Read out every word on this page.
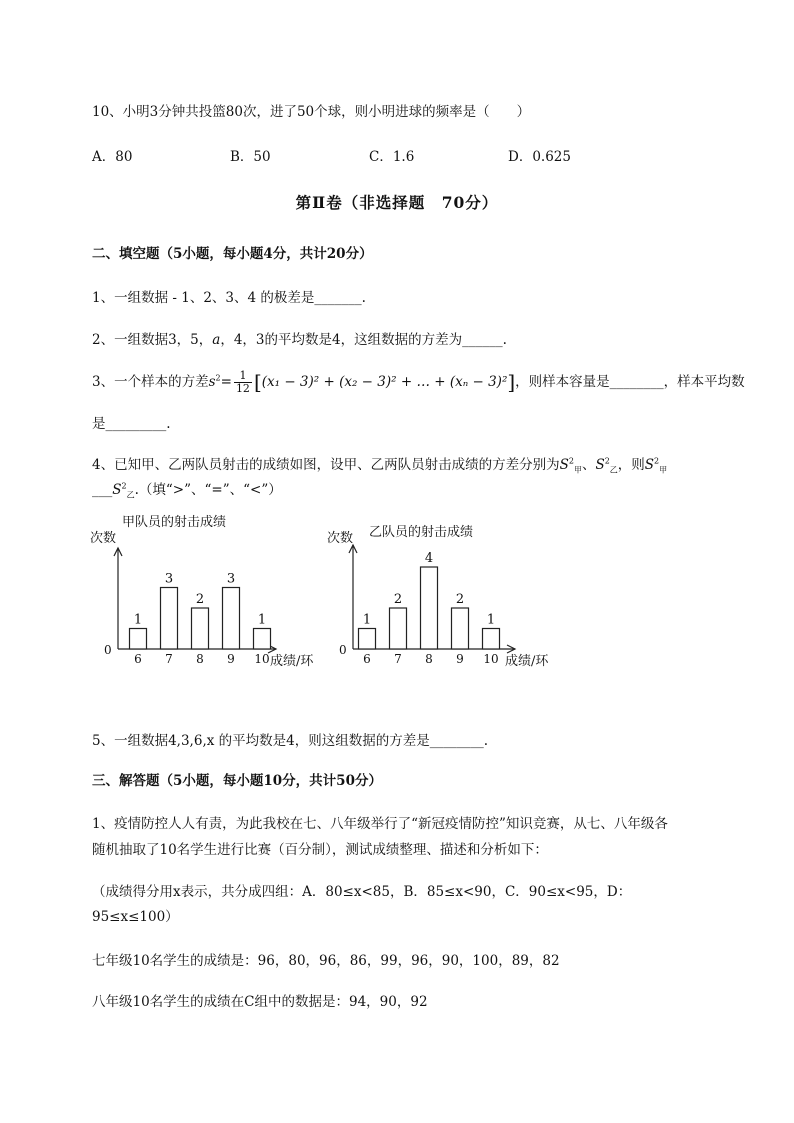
10、小明3分钟共投篮80次，进了50个球，则小明进球的频率是（　　）
A．80	B．50	C．1.6	D．0.625
第Ⅱ卷（非选择题　70分）
二、填空题（5小题，每小题4分，共计20分）
1、一组数据 - 1、2、3、4 的极差是_______.
2、一组数据3，5，a，4，3的平均数是4，这组数据的方差为______.
3、一个样本的方差$s^2= \frac{1}{12} [(x_1 - 3)^2 + (x_2 - 3)^2$ + … + (xₙ − 3)²]，则样本容量是________，样本平均数
是_________.
4、已知甲、乙两队员射击的成绩如图，设甲、乙两队员射击成绩的方差分别为$S^2_甲$、$S^2_乙$，则$S^2_甲$
$\_\_\_S^2_乙$.（填“>”、“=”、“<”）
甲队员的射击成绩
次数
成绩/环
0
1
6
3
7
2
8
3
9
1
10
乙队员的射击成绩
次数
成绩/环
0
1
6
2
7
4
8
2
9
1
10
5、一组数据4,3,6,x 的平均数是4，则这组数据的方差是________.
三、解答题（5小题，每小题10分，共计50分）
1、疫情防控人人有责，为此我校在七、八年级举行了“新冠疫情防控”知识竞赛，从七、八年级各
随机抽取了10名学生进行比赛（百分制），测试成绩整理、描述和分析如下：
（成绩得分用x表示，共分成四组：A．80≤x<85，B．85≤x<90，C．90≤x<95，D：
95≤x≤100）
七年级10名学生的成绩是：96，80，96，86，99，96，90，100，89，82
八年级10名学生的成绩在C组中的数据是：94，90，92
